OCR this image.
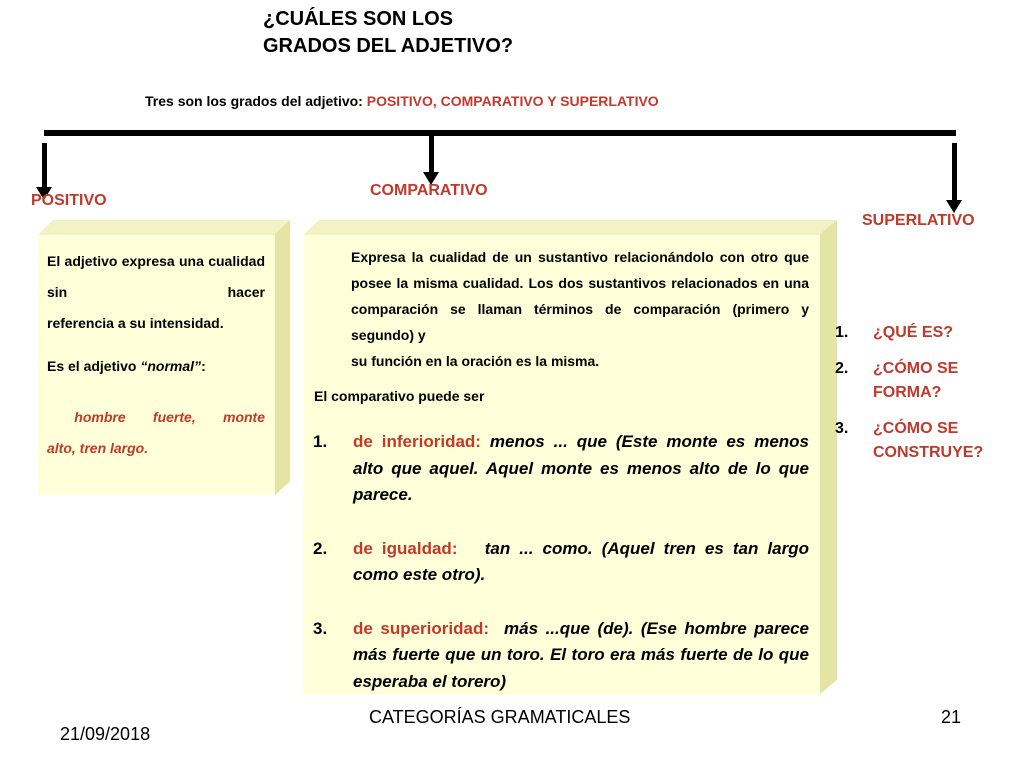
¿CUÁLES SON LOS
GRADOS DEL ADJETIVO?
Tres son los grados del adjetivo: POSITIVO, COMPARATIVO Y SUPERLATIVO
POSITIVO
COMPARATIVO
SUPERLATIVO

El adjetivo expresa una cualidad sin hacer

referencia a su intensidad.

Es el adjetivo “normal”:

hombre fuerte, monte

alto, tren largo.

Expresa la cualidad de un sustantivo relacionándolo con otro que posee la misma cualidad. Los dos sustantivos relacionados en una comparación se llaman términos de comparación (primero y segundo) y
su función en la oración es la misma.
El comparativo puede ser
1.	de inferioridad: menos ... que (Este monte es menos alto que aquel. Aquel monte es menos alto de lo que parece.
2.	de igualdad:   tan ... como. (Aquel tren es tan largo como este otro).
3.	de superioridad:  más ...que (de). (Ese hombre parece más fuerte que un toro. El toro era más fuerte de lo que esperaba el torero)
1.	¿QUÉ ES?
2.	¿CÓMO SE FORMA?
3.	¿CÓMO SE CONSTRUYE?
21/09/2018
CATEGORÍAS GRAMATICALES	21
